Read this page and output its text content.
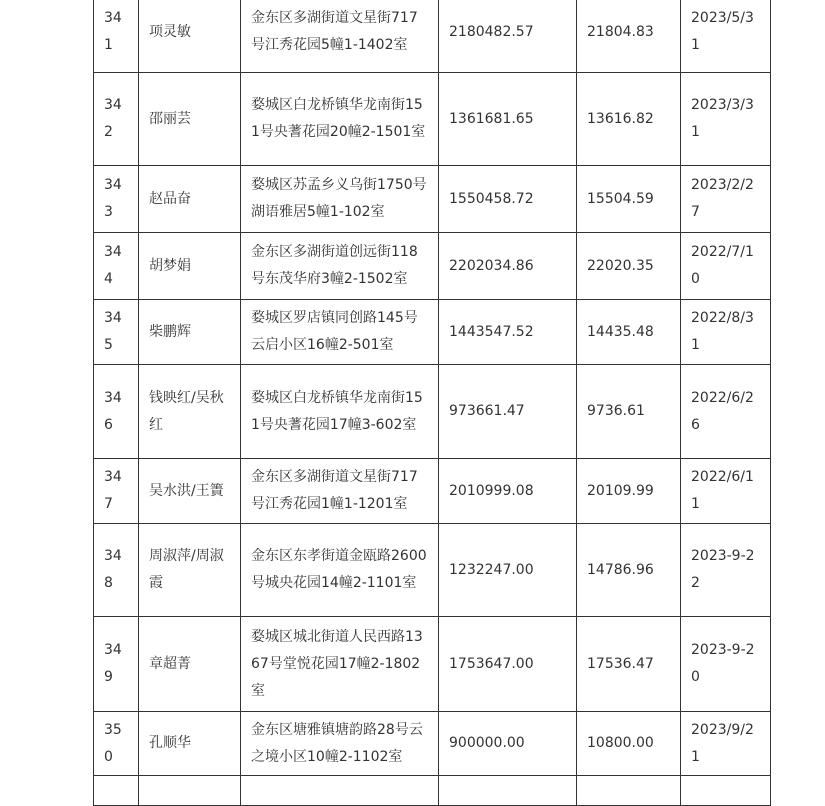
341	项灵敏	金东区多湖街道文星街717号江秀花园5幢1-1402室	2180482.57	21804.83	2023/5/31
342	邵丽芸	婺城区白龙桥镇华龙南街151号央蓍花园20幢2-1501室	1361681.65	13616.82	2023/3/31
343	赵品奋	婺城区苏孟乡义乌街1750号湖语雅居5幢1-102室	1550458.72	15504.59	2023/2/27
344	胡梦娟	金东区多湖街道创远街118号东茂华府3幢2-1502室	2202034.86	22020.35	2022/7/10
345	柴鹏辉	婺城区罗店镇同创路145号云启小区16幢2-501室	1443547.52	14435.48	2022/8/31
346	钱映红/吴秋红	婺城区白龙桥镇华龙南街151号央蓍花园17幢3-602室	973661.47	9736.61	2022/6/26
347	吴水洪/王簀	金东区多湖街道文星街717号江秀花园1幢1-1201室	2010999.08	20109.99	2022/6/11
348	周淑萍/周淑霞	金东区东孝街道金瓯路2600号城央花园14幢2-1101室	1232247.00	14786.96	2023-9-22
349	章超菁	婺城区城北街道人民西路1367号堂悦花园17幢2-1802室	1753647.00	17536.47	2023-9-20
350	孔顺华	金东区塘雅镇塘韵路28号云之境小区10幢2-1102室	900000.00	10800.00	2023/9/21
